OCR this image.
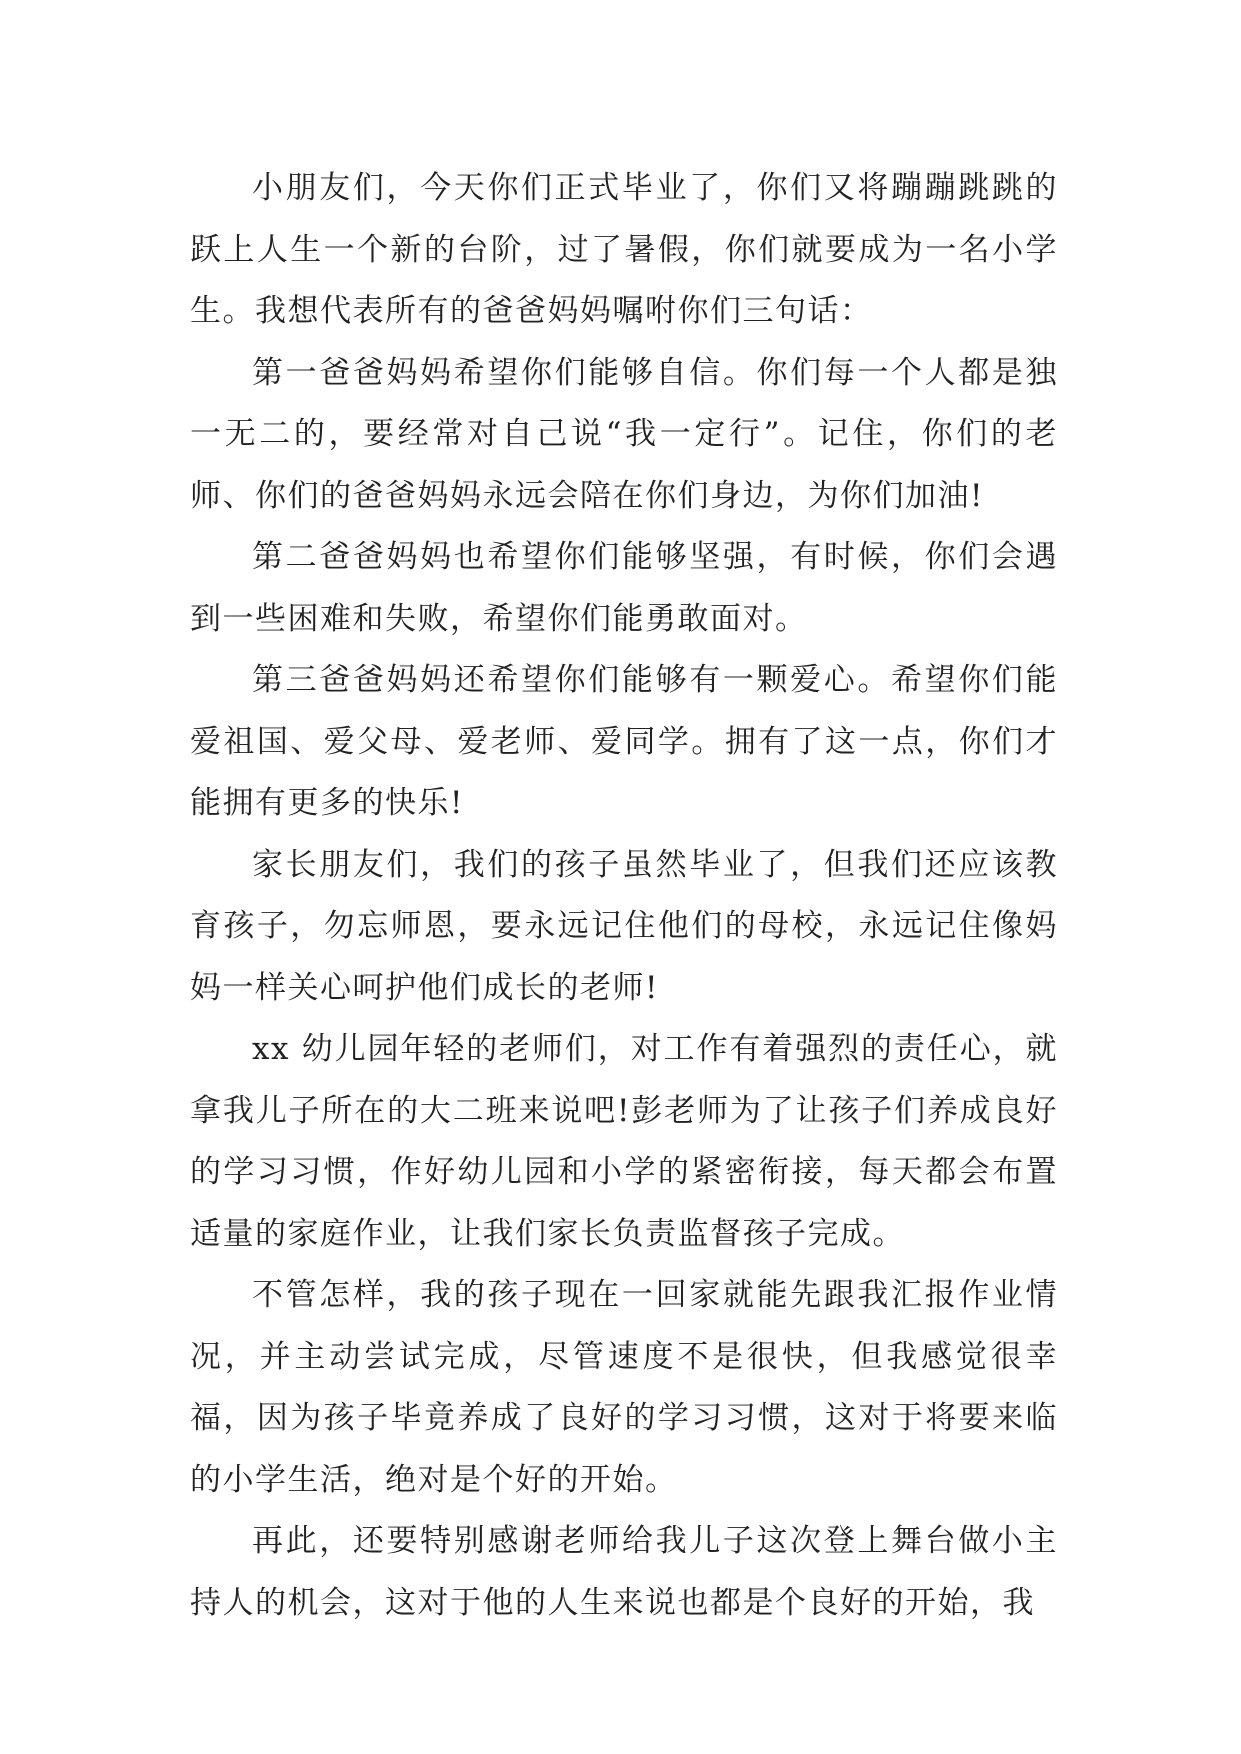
小朋友们，今天你们正式毕业了，你们又将蹦蹦跳跳的跃上人生一个新的台阶，过了暑假，你们就要成为一名小学生。我想代表所有的爸爸妈妈嘱咐你们三句话：

第一爸爸妈妈希望你们能够自信。你们每一个人都是独一无二的，要经常对自己说“我一定行”。记住，你们的老师、你们的爸爸妈妈永远会陪在你们身边，为你们加油!

第二爸爸妈妈也希望你们能够坚强，有时候，你们会遇到一些困难和失败，希望你们能勇敢面对。

第三爸爸妈妈还希望你们能够有一颗爱心。希望你们能爱祖国、爱父母、爱老师、爱同学。拥有了这一点，你们才能拥有更多的快乐!

家长朋友们，我们的孩子虽然毕业了，但我们还应该教育孩子，勿忘师恩，要永远记住他们的母校，永远记住像妈妈一样关心呵护他们成长的老师!

xx 幼儿园年轻的老师们，对工作有着强烈的责任心，就拿我儿子所在的大二班来说吧!彭老师为了让孩子们养成良好的学习习惯，作好幼儿园和小学的紧密衔接，每天都会布置适量的家庭作业，让我们家长负责监督孩子完成。

不管怎样，我的孩子现在一回家就能先跟我汇报作业情况，并主动尝试完成，尽管速度不是很快，但我感觉很幸福，因为孩子毕竟养成了良好的学习习惯，这对于将要来临的小学生活，绝对是个好的开始。

再此，还要特别感谢老师给我儿子这次登上舞台做小主持人的机会，这对于他的人生来说也都是个良好的开始，我
